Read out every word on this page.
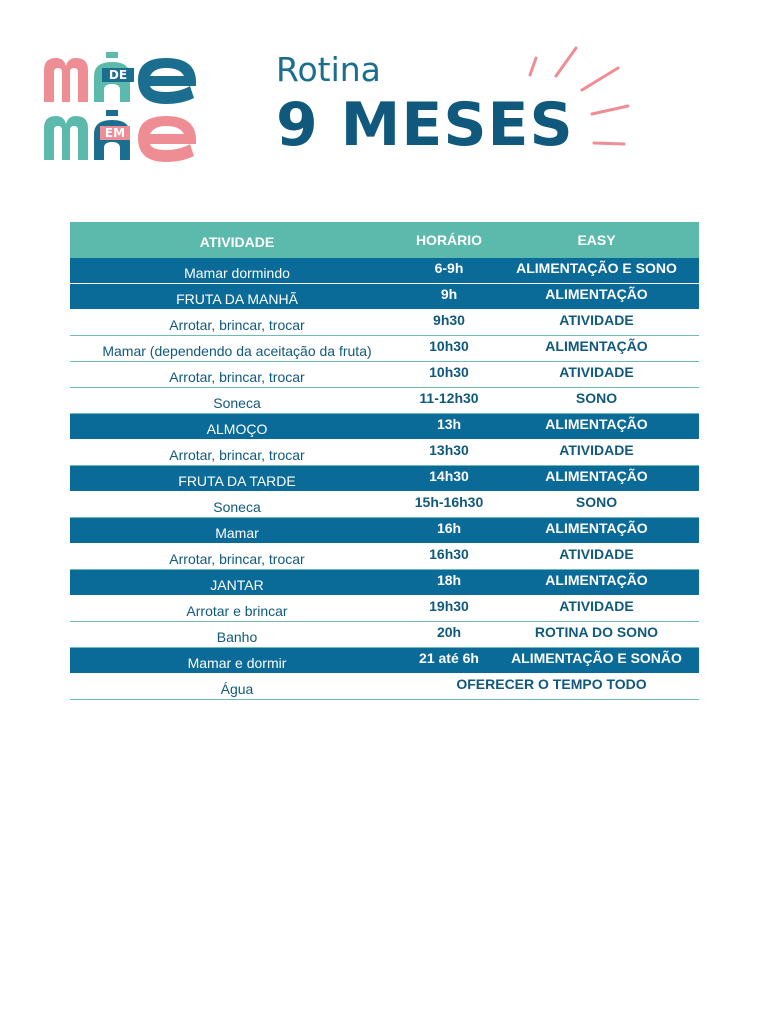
DE
EM

Rotina

9 MESES

ATIVIDADE	HORÁRIO	EASY
Mamar dormindo	6-9h	ALIMENTAÇÃO E SONO
FRUTA DA MANHÃ	9h	ALIMENTAÇÃO
Arrotar, brincar, trocar	9h30	ATIVIDADE
Mamar (dependendo da aceitação da fruta)	10h30	ALIMENTAÇÃO
Arrotar, brincar, trocar	10h30	ATIVIDADE
Soneca	11-12h30	SONO
ALMOÇO	13h	ALIMENTAÇÃO
Arrotar, brincar, trocar	13h30	ATIVIDADE
FRUTA DA TARDE	14h30	ALIMENTAÇÃO
Soneca	15h-16h30	SONO
Mamar	16h	ALIMENTAÇÃO
Arrotar, brincar, trocar	16h30	ATIVIDADE
JANTAR	18h	ALIMENTAÇÃO
Arrotar e brincar	19h30	ATIVIDADE
Banho	20h	ROTINA DO SONO
Mamar e dormir	21 até 6h	ALIMENTAÇÃO E SONÃO
Água	OFERECER O TEMPO TODO
